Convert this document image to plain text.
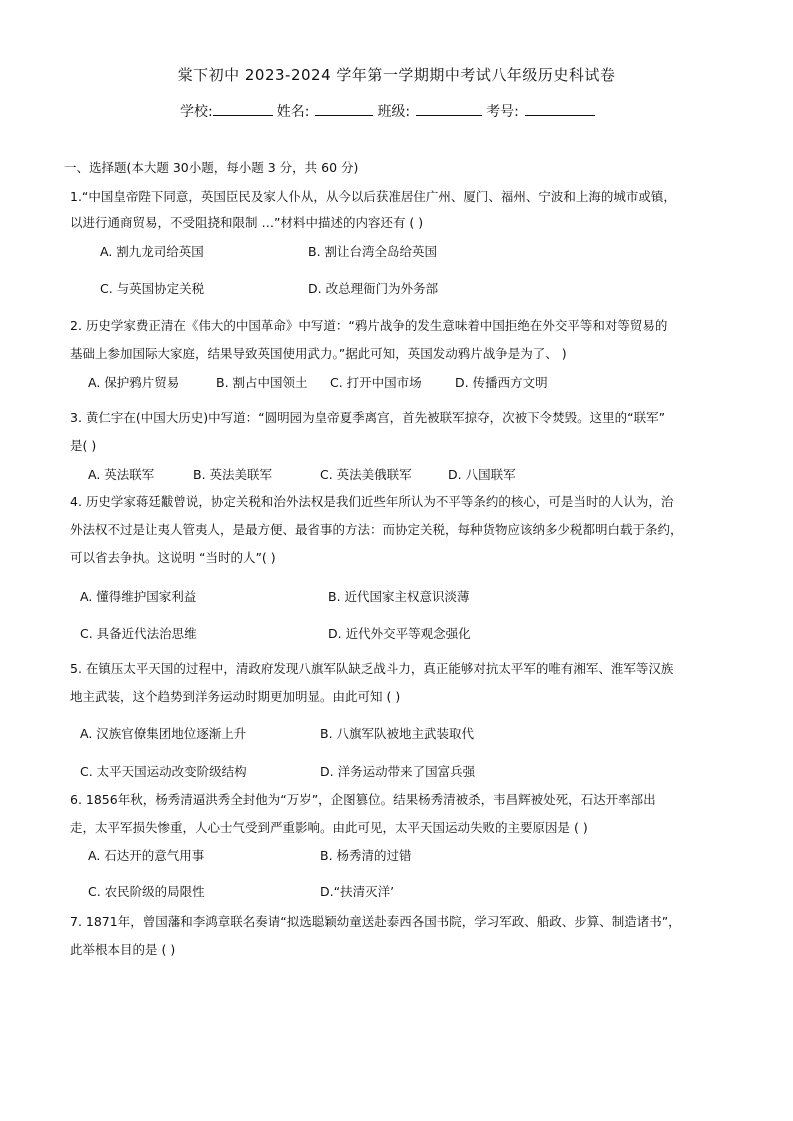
棠下初中 2023-2024 学年第一学期期中考试八年级历史科试卷
学校:	姓名:	班级:	考号:
一、选择题(本大题 30小题，每小题 3 分，共 60 分)
1.“中国皇帝陛下同意，英国臣民及家人仆从，从今以后获准居住广州、厦门、福州、宁波和上海的城市或镇，
以进行通商贸易，不受阻挠和限制 …”材料中描述的内容还有 ( )
A. 割九龙司给英国	B. 割让台湾全岛给英国
C. 与英国协定关税	D. 改总理衙门为外务部
2. 历史学家费正清在《伟大的中国革命》中写道：“鸦片战争的发生意味着中国拒绝在外交平等和对等贸易的
基础上参加国际大家庭，结果导致英国使用武力。”据此可知，英国发动鸦片战争是为了、 )
A. 保护鸦片贸易	B. 割占中国领土 C. 打开中国市场	D. 传播西方文明
3. 黄仁宇在(中国大历史)中写道：“圆明园为皇帝夏季离宫，首先被联军掠夺，次被下令焚毁。这里的“联军”
是( )
A. 英法联军	B. 英法美联军	C. 英法美俄联军	D. 八国联军
4. 历史学家蒋廷黻曾说，协定关税和治外法权是我们近些年所认为不平等条约的核心，可是当时的人认为，治
外法权不过是让夷人管夷人，是最方便、最省事的方法：而协定关税，每种货物应该纳多少税都明白载于条约，
可以省去争执。这说明 “当时的人”( )
A. 懂得维护国家利益	B. 近代国家主权意识淡薄
C. 具备近代法治思维	D. 近代外交平等观念强化
5. 在镇压太平天国的过程中，清政府发现八旗军队缺乏战斗力，真正能够对抗太平军的唯有湘军、淮军等汉族
地主武装，这个趋势到洋务运动时期更加明显。由此可知 ( )
A. 汉族官僚集团地位逐渐上升	B. 八旗军队被地主武装取代
C. 太平天国运动改变阶级结构	D. 洋务运动带来了国富兵强
6. 1856年秋，杨秀清逼洪秀全封他为“万岁”，企图篡位。结果杨秀清被杀，韦昌辉被处死，石达开率部出
走，太平军损失惨重，人心士气受到严重影响。由此可见，太平天国运动失败的主要原因是 ( )
A. 石达开的意气用事	B. 杨秀清的过错
C. 农民阶级的局限性	D.“扶清灭洋’
7. 1871年，曾国藩和李鸿章联名奏请“拟选聪颖幼童送赴泰西各国书院，学习军政、船政、步算、制造诸书”，
此举根本目的是 ( )
